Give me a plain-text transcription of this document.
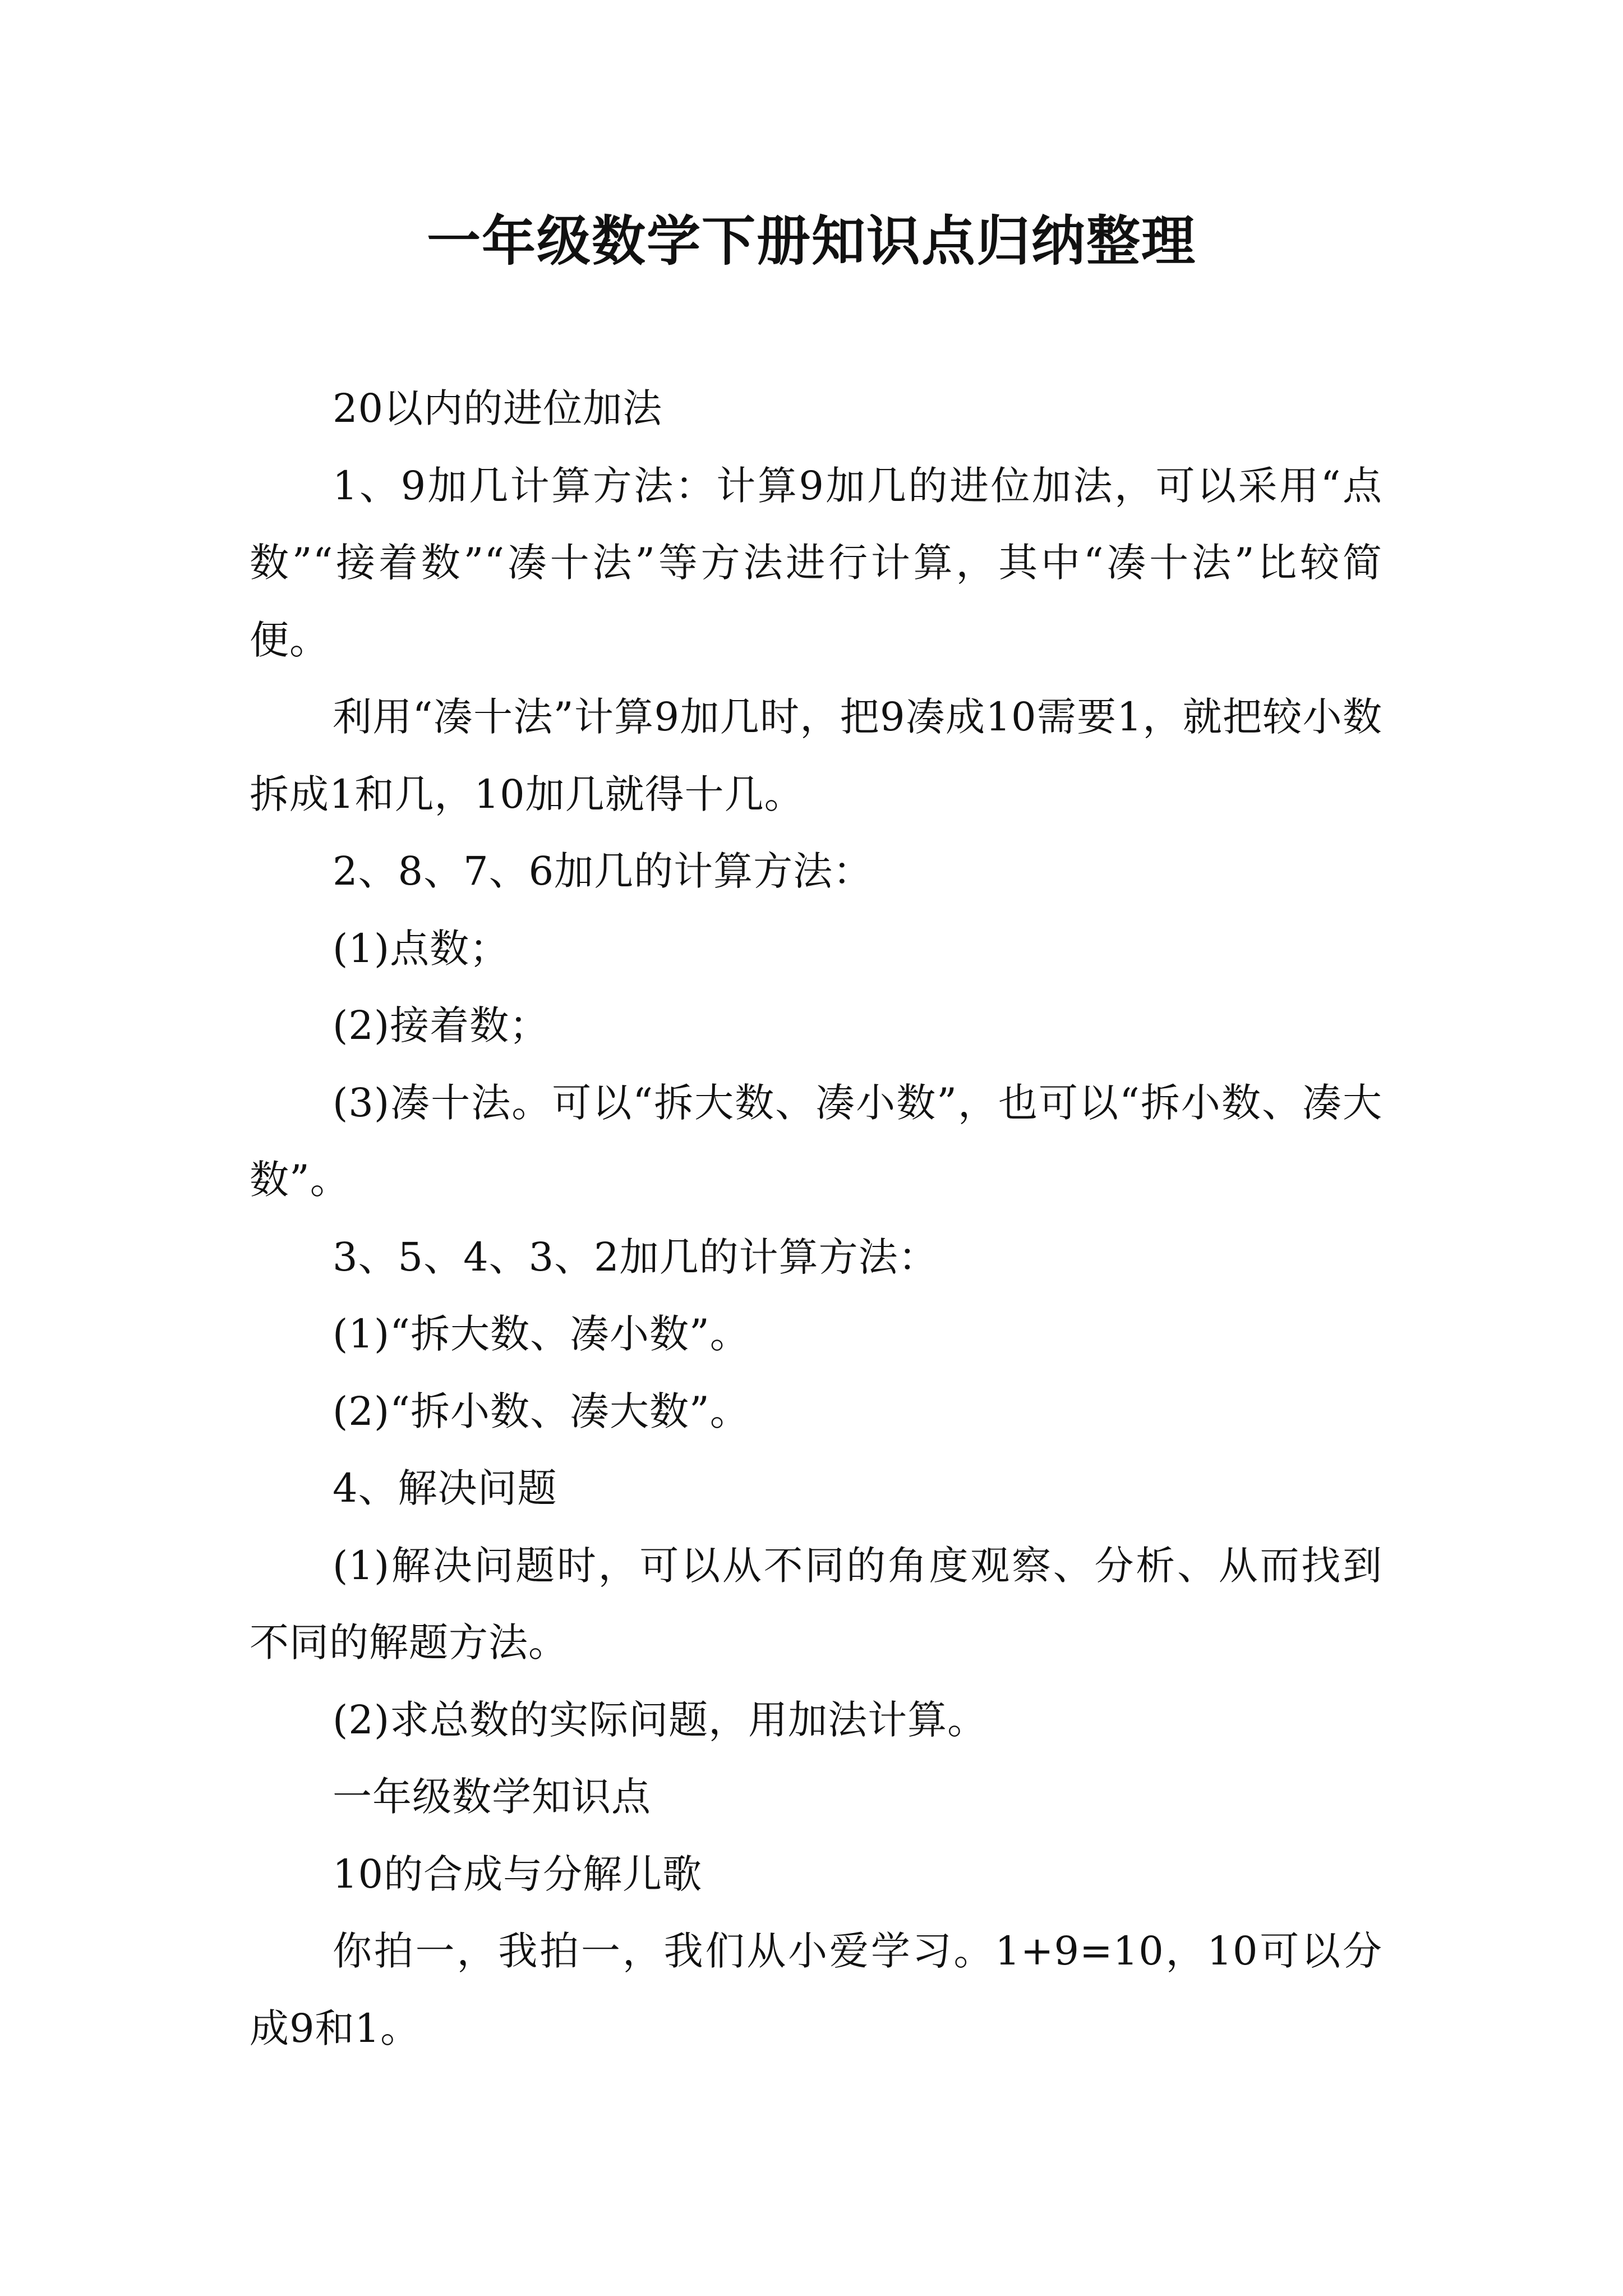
一年级数学下册知识点归纳整理

20以内的进位加法

1、9加几计算方法：计算9加几的进位加法，可以采用“点数”“接着数”“凑十法”等方法进行计算，其中“凑十法”比较简便。

利用“凑十法”计算9加几时，把9凑成10需要1，就把较小数拆成1和几，10加几就得十几。

2、8、7、6加几的计算方法：

(1)点数；

(2)接着数；

(3)凑十法。可以“拆大数、凑小数”，也可以“拆小数、凑大数”。

3、5、4、3、2加几的计算方法：

(1)“拆大数、凑小数”。

(2)“拆小数、凑大数”。

4、解决问题

(1)解决问题时，可以从不同的角度观察、分析、从而找到不同的解题方法。

(2)求总数的实际问题，用加法计算。

一年级数学知识点

10的合成与分解儿歌

你拍一，我拍一，我们从小爱学习。1+9=10，10可以分成9和1。
